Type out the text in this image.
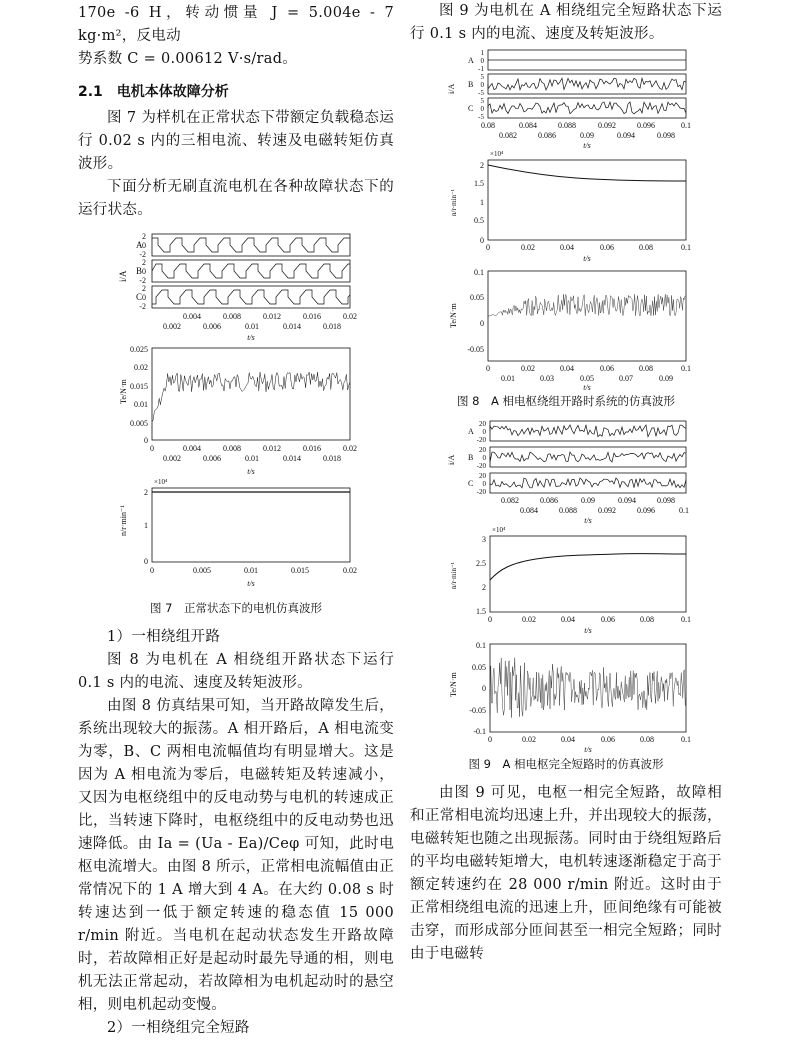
170e -6 H，转动惯量 J = 5.004e - 7 kg·m²，反电动

势系数 C = 0.00612 V·s/rad。

2.1　电机本体故障分析

图 7 为样机在正常状态下带额定负载稳态运行 0.02 s 内的三相电流、转速及电磁转矩仿真波形。

下面分析无刷直流电机在各种故障状态下的运行状态。

i/A
A
B
C
2
0
-2
2
0
-2
2
0
-2
0.004	0.008	0.012	0.016	0.02
0.002	0.006	0.01	0.014	0.018
t/s
Te/N·m
0.025
0.02
0.015
0.01
0.005
0
0	0.004	0.008	0.012	0.016	0.02
0.002	0.006	0.01	0.014	0.018
t/s
×10⁴
n/r·min⁻¹
2
1
0
0	0.005	0.01	0.015	0.02
t/s
图 7　正常状态下的电机仿真波形

1）一相绕组开路

图 8 为电机在 A 相绕组开路状态下运行 0.1 s 内的电流、速度及转矩波形。

由图 8 仿真结果可知，当开路故障发生后，系统出现较大的振荡。A 相开路后，A 相电流变为零，B、C 两相电流幅值均有明显增大。这是因为 A 相电流为零后，电磁转矩及转速减小，又因为电枢绕组中的反电动势与电机的转速成正比，当转速下降时，电枢绕组中的反电动势也迅速降低。由 Ia = (Ua - Ea)/Ceφ 可知，此时电枢电流增大。由图 8 所示，正常相电流幅值由正常情况下的 1 A 增大到 4 A。在大约 0.08 s 时转速达到一低于额定转速的稳态值 15 000 r/min 附近。当电机在起动状态发生开路故障时，若故障相正好是起动时最先导通的相，则电机无法正常起动，若故障相为电机起动时的悬空相，则电机起动变慢。

2）一相绕组完全短路

图 9 为电机在 A 相绕组完全短路状态下运行 0.1 s 内的电流、速度及转矩波形。

i/A
A
B
C
1
0
-1
5
0
-5
5
0
-5
0.08	0.084	0.088	0.092	0.096	0.1
0.082	0.086	0.09	0.094	0.098
t/s
×10⁴
n/r·min⁻¹
2
1.5
1
0.5
0
0	0.02	0.04	0.06	0.08	0.1
t/s
Te/N·m
0.1
0.05
0
-0.05
0	0.02	0.04	0.06	0.08	0.1
0.01	0.03	0.05	0.07	0.09
t/s
图 8　A 相电枢绕组开路时系统的仿真波形
i/A
A
B
C
20
0
-20
20
0
-20
20
0
-20
0.082	0.086	0.09	0.094	0.098
0.084	0.088	0.092	0.096	0.1
t/s
×10⁴
n/r·min⁻¹
3
2.5
2
1.5
0	0.02	0.04	0.06	0.08	0.1
t/s
Te/N·m
0.1
0.05
0
-0.05
-0.1
0	0.02	0.04	0.06	0.08	0.1
t/s
图 9　A 相电枢完全短路时的仿真波形

由图 9 可见，电枢一相完全短路，故障相和正常相电流均迅速上升，并出现较大的振荡，电磁转矩也随之出现振荡。同时由于绕组短路后的平均电磁转矩增大，电机转速逐渐稳定于高于额定转速约在 28 000 r/min 附近。这时由于正常相绕组电流的迅速上升，匝间绝缘有可能被击穿，而形成部分匝间甚至一相完全短路；同时由于电磁转
